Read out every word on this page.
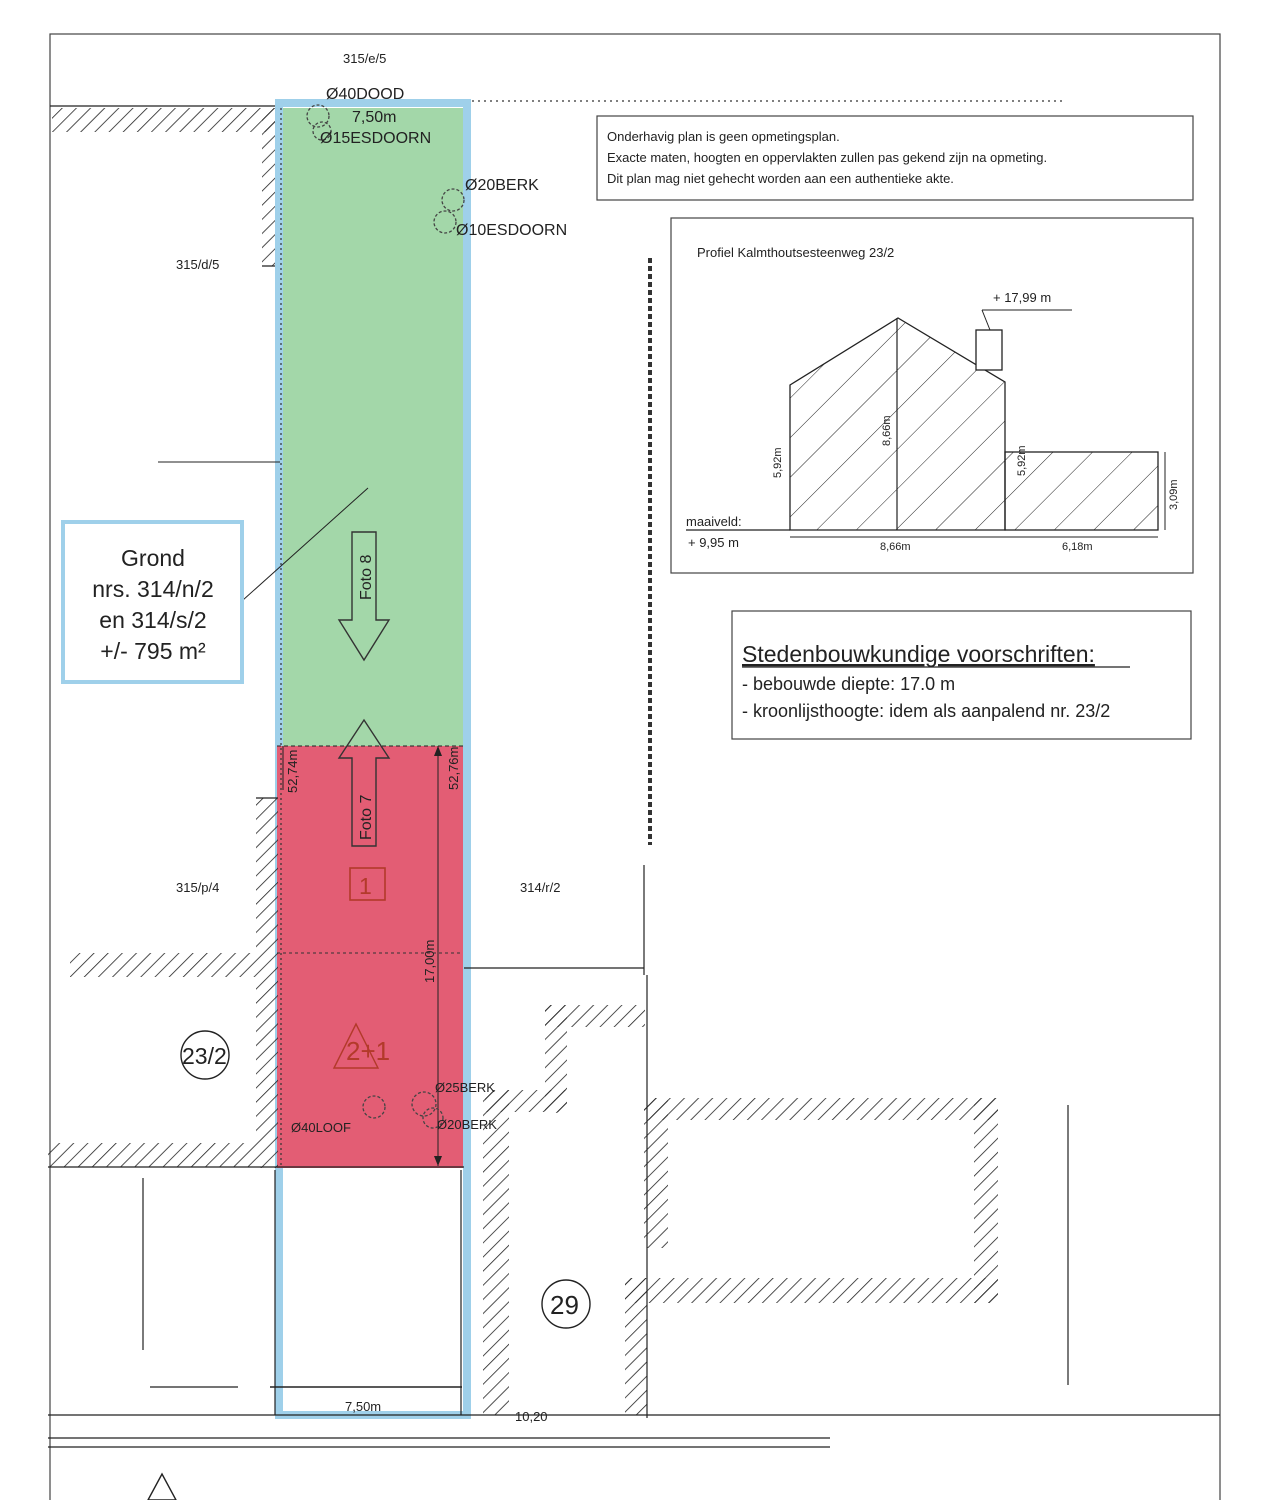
315/e/5
315/d/5
315/p/4	314/r/2
Ø40DOOD
Ø15ESDOORN
Ø20BERK
Ø10ESDOORN
Ø25BERK
Ø20BERK
Ø40LOOF
7,50m
52,74m	52,76m
17,00m
7,50m
10,20
Foto 8
Foto 7
1
2+1
23/2
29
Grond
nrs. 314/n/2
en 314/s/2
+/- 795 m²
Onderhavig plan is geen opmetingsplan.
Exacte maten, hoogten en oppervlakten zullen pas gekend zijn na opmeting.
Dit plan mag niet gehecht worden aan een authentieke akte.
Profiel Kalmthoutsesteenweg 23/2
+ 17,99 m
maaiveld:
+ 9,95 m
5,92m
8,66m
5,92m
3,09m
8,66m	6,18m
Stedenbouwkundige voorschriften:
- bebouwde diepte: 17.0 m
- kroonlijsthoogte: idem als aanpalend nr. 23/2
